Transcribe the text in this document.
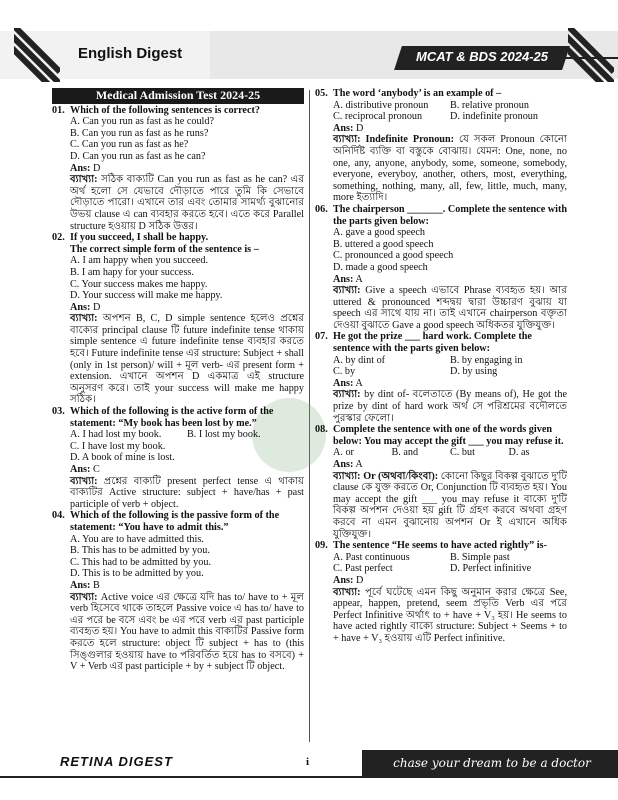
English Digest	MCAT & BDS 2024-25
Medical Admission Test 2024-25
01. Which of the following sentences is correct?
A. Can you run as fast as he could?
B. Can you run as fast as he runs?
C. Can you run as fast as he?
D. Can you run as fast as he can?
Ans: D
ব্যাখ্যা: সঠিক বাক্যটি Can you run as fast as he can? এর অর্থ হলো সে যেভাবে দৌড়াতে পারে তুমি কি সেভাবে দৌড়াতে পারো। এখানে তার এবং তোমার সামর্থ্য বুঝানোর উভয় clause এ can ব্যবহার করতে হবে। এতে করে Parallel structure হওয়ায় D সঠিক উত্তর।
02. If you succeed, I shall be happy.
The correct simple form of the sentence is –
A. I am happy when you succeed.
B. I am hapy for your success.
C. Your success makes me happy.
D. Your success will make me happy.
Ans: D
ব্যাখ্যা: অপশন B, C, D simple sentence হলেও প্রশ্নের বাক্যের principal clause টি future indefinite tense থাকায় simple sentence এ future indefinite tense ব্যবহার করতে হবে। Future indefinite tense এর structure: Subject + shall (only in 1st person)/ will + মূল verb- এর present form + extension. এখানে অপশন D একমাত্র এই structure অনুসরণ করে। তাই your success will make me happy সঠিক।
03. Which of the following is the active form of the statement: “My book has been lost by me.”
A. I had lost my book.	B. I lost my book.
C. I have lost my book.
D. A book of mine is lost.
Ans: C
ব্যাখ্যা: প্রশ্নের বাক্যটি present perfect tense এ থাকায় বাক্যটির Active structure: subject + have/has + past participle of verb + object.
04. Which of the following is the passive form of the statement: “You have to admit this.”
A. You are to have admitted this.
B. This has to be admitted by you.
C. This had to be admitted by you.
D. This is to be admitted by you.
Ans: B
ব্যাখ্যা: Active voice এর ক্ষেত্রে যদি has to/ have to + মূল verb হিসেবে থাকে তাহলে Passive voice এ has to/ have to এর পরে be বসে এবং be এর পরে verb এর past participle ব্যবহৃত হয়। You have to admit this বাক্যটির Passive form করতে হলে structure: object টি subject + has to (this সিঙ্গুলার হওয়ায় have to পরিবর্তিত হয়ে has to বসবে) + V + Verb এর past participle + by + subject টি object.
05. The word ‘anybody’ is an example of –
A. distributive pronoun	B. relative pronoun
C. reciprocal pronoun	D. indefinite pronoun
Ans: D
ব্যাখ্যা: Indefinite Pronoun: যে সকল Pronoun কোনো অনির্দিষ্ট ব্যক্তি বা বস্তুকে বোঝায়। যেমন: One, none, no one, any, anyone, anybody, some, someone, somebody, everyone, everyboy, another, others, most, everything, something, nothing, many, all, few, little, much, many, more ইত্যাদি।
06. The chairperson _______. Complete the sentence with the parts given below:
A. gave a good speech
B. uttered a good speech
C. pronounced a good speech
D. made a good speech
Ans: A
ব্যাখ্যা: Give a speech এভাবে Phrase ব্যবহৃত হয়। আর uttered & pronounced শব্দদ্বয় দ্বারা উচ্চারণ বুঝায় যা speech এর সাথে যায় না। তাই এখানে chairperson বক্তৃতা দেওয়া বুঝাতে Gave a good speech অধিকতর যুক্তিযুক্ত।
07. He got the prize ___ hard work. Complete the sentence with the parts given below:
A. by dint of	B. by engaging in
C. by	D. by using
Ans: A
ব্যাখ্যা: by dint of- বলেতাতে (By means of), He got the prize by dint of hard work অর্থ সে পরিশ্রমের বদৌলতে পুরস্কার ফেলো।
08. Complete the sentence with one of the words given below: You may accept the gift ___ you may refuse it.
A. or	B. and	C. but	D. as
Ans: A
ব্যাখ্যা: Or (অথবা/কিংবা): কোনো কিছুর বিকল্প বুঝাতে দু'টি clause কে যুক্ত করতে Or, Conjunction টি ব্যবহৃত হয়। You may accept the gift ___ you may refuse it বাক্যে দু'টি বিকল্প অপশন দেওয়া হয় gift টি গ্রহণ করবে অথবা গ্রহণ করবে না এমন বুঝানোয় অপশন Or ই এখানে অধিক যুক্তিযুক্ত।
09. The sentence “He seems to have acted rightly” is-
A. Past continuous	B. Simple past
C. Past perfect	D. Perfect infinitive
Ans: D
ব্যাখ্যা: পূর্বে ঘটেছে এমন কিছু অনুমান করার ক্ষেত্রে See, appear, happen, pretend, seem প্রভৃতি Verb এর পরে Perfect Infinitive অর্থাৎ to + have + V₃ হয়। He seems to have acted rightly বাক্যে structure: Subject + Seems + to + have + V₃ হওয়ায় এটি Perfect infinitive.
RETINA DIGEST	i	chase your dream to be a doctor
